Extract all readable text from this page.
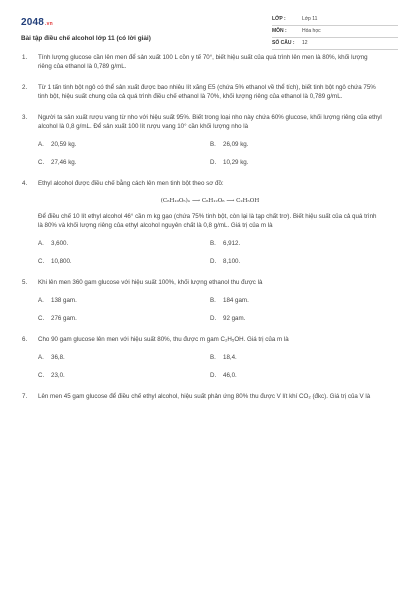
2048.vn
Bài tập điều chế alcohol lớp 11 (có lời giải)
LỚP :	Lớp 11
MÔN :	Hóa học
SỐ CÂU :	12
1. Tính lượng glucose cần lên men để sản xuất 100 L cồn y tế 70°, biết hiệu suất của quá trình lên men là 80%, khối lượng riêng của ethanol là 0,789 g/mL.

2. Từ 1 tấn tinh bột ngô có thể sản xuất được bao nhiêu lít xăng E5 (chứa 5% ethanol về thể tích), biết tinh bột ngô chứa 75% tinh bột, hiệu suất chung của cả quá trình điều chế ethanol là 70%, khối lượng riêng của ethanol là 0,789 g/mL.

3. Người ta sản xuất rượu vang từ nho với hiệu suất 95%. Biết trong loại nho này chứa 60% glucose, khối lượng riêng của ethyl alcohol là 0,8 g/mL. Để sản xuất 100 lít rượu vang 10° cần khối lượng nho là

A.	20,59 kg.	B.	26,09 kg.
C.	27,46 kg.	D.	10,29 kg.
4. Ethyl alcohol được điều chế bằng cách lên men tinh bột theo sơ đồ:

(C₆H₁₀O₅)ₙ ⟶ C₆H₁₂O₆ ⟶ C₂H₅OH

Để điều chế 10 lít ethyl alcohol 46° cần m kg gạo (chứa 75% tinh bột, còn lại là tạp chất trơ). Biết hiệu suất của cả quá trình là 80% và khối lượng riêng của ethyl alcohol nguyên chất là 0,8 g/mL. Giá trị của m là

A.	3,600.	B.	6,912.
C.	10,800.	D.	8,100.
5. Khi lên men 360 gam glucose với hiệu suất 100%, khối lượng ethanol thu được là

A.	138 gam.	B.	184 gam.
C.	276 gam.	D.	92 gam.
6. Cho 90 gam glucose lên men với hiệu suất 80%, thu được m gam C₂H₅OH. Giá trị của m là

A.	36,8.	B.	18,4.
C.	23,0.	D.	46,0.
7. Lên men 45 gam glucose để điều chế ethyl alcohol, hiệu suất phản ứng 80% thu được V lít khí CO₂ (đkc). Giá trị của V là
